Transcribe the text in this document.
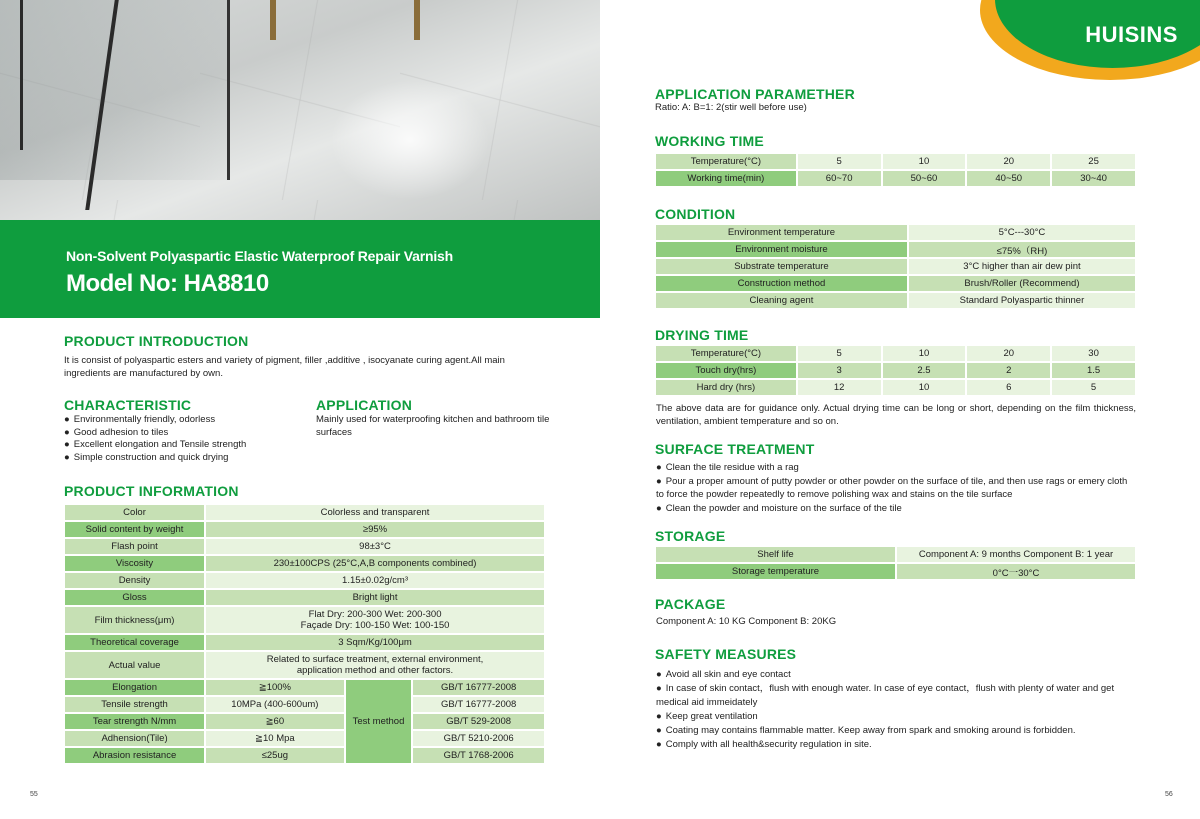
HUISINS
Non-Solvent Polyaspartic Elastic Waterproof Repair Varnish
Model No: HA8810
PRODUCT INTRODUCTION
It is consist of polyaspartic esters and variety of pigment, filler ,additive , isocyanate curing agent.All main ingredients are manufactured by own.
CHARACTERISTIC
● Environmentally friendly, odorless
● Good adhesion to tiles
● Excellent elongation and Tensile strength
● Simple construction and quick drying
APPLICATION
Mainly used for waterproofing kitchen and bathroom tile surfaces
PRODUCT INFORMATION
Color	Colorless and transparent		
Solid content by weight	≥95%		
Flash point	98±3°C		
Viscosity	230±100CPS (25°C,A,B components combined)		
Density	1.15±0.02g/cm³		
Gloss	Bright light		
Film thickness(μm)	Flat Dry: 200-300 Wet: 200-300
Façade Dry: 100-150 Wet: 100-150		
Theoretical coverage	3 Sqm/Kg/100μm		
Actual value	Related to surface treatment, external environment,
application method and other factors.		
Elongation	≧100%	Test method	GB/T 16777-2008
Tensile strength	10MPa (400-600um)		GB/T 16777-2008
Tear strength N/mm	≧60		GB/T 529-2008
Adhension(Tile)	≧10 Mpa		GB/T 5210-2006
Abrasion resistance	≤25ug		GB/T 1768-2006
APPLICATION PARAMETHER
Ratio: A: B=1: 2(stir well before use)
WORKING TIME
Temperature(°C)	5	10	20	25
Working time(min)	60~70	50~60	40~50	30~40
CONDITION
Environment temperature	5°C---30°C
Environment moisture	≤75%（RH)
Substrate temperature	3°C higher than air dew pint
Construction method	Brush/Roller (Recommend)
Cleaning agent	Standard Polyaspartic thinner
DRYING TIME
Temperature(°C)	5	10	20	30
Touch dry(hrs)	3	2.5	2	1.5
Hard dry (hrs)	12	10	6	5
The above data are for guidance only. Actual drying time can be long or short, depending on the film thickness, ventilation, ambient temperature and so on.
SURFACE TREATMENT
● Clean the tile residue with a rag
● Pour a proper amount of putty powder or other powder on the surface of tile, and then use rags or emery cloth to force the powder repeatedly to remove polishing wax and stains on the tile surface
● Clean the powder and moisture on the surface of the tile
STORAGE
Shelf life	Component A: 9 months Component B: 1 year
Storage temperature	0°C一30°C
PACKAGE
Component A: 10 KG Component B: 20KG
SAFETY MEASURES
● Avoid all skin and eye contact
● In case of skin contact，flush with enough water. In case of eye contact，flush with plenty of water and get medical aid immeidately
● Keep great ventilation
● Coating may contains flammable matter. Keep away from spark and smoking around is forbidden.
● Comply with all health&security regulation in site.
55	56
